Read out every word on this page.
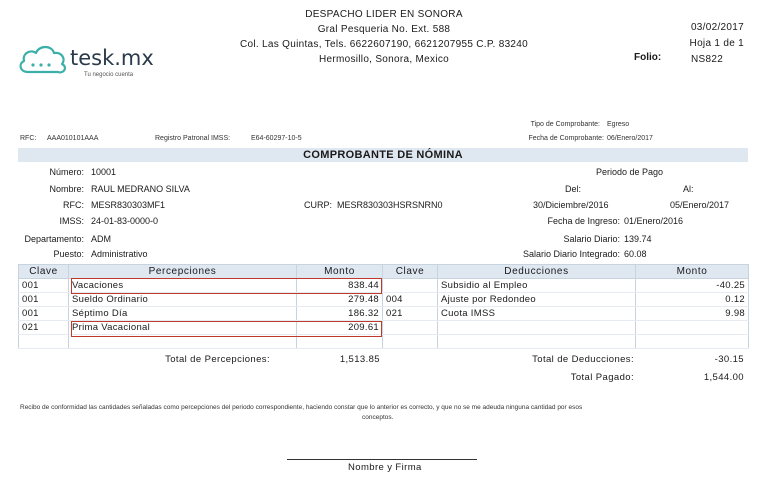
tesk.mx
Tu negocio cuenta
DESPACHO LIDER EN SONORA
Gral Pesqueria No. Ext. 588
Col. Las Quintas, Tels. 6622607190, 6621207955 C.P. 83240
Hermosillo, Sonora, Mexico
03/02/2017
Hoja 1 de 1
Folio:	NS822
Tipo de Comprobante: Egreso
Fecha de Comprobante: 06/Enero/2017
RFC: AAA010101AAA	Registro Patronal IMSS:	E64-60297-10-5
COMPROBANTE DE NÓMINA
Número: 10001
Nombre: RAUL MEDRANO SILVA
RFC: MESR830303MF1
IMSS: 24-01-83-0000-0
Departamento: ADM
Puesto: Administrativo
CURP: MESR830303HSRSNRN0
Periodo de Pago
Del:	Al:
30/Diciembre/2016	05/Enero/2017
Fecha de Ingreso: 01/Enero/2016
Salario Diario: 139.74
Salario Diario Integrado: 60.08
Clave	Percepciones	Monto	Clave	Deducciones	Monto
001	Vacaciones	838.44		Subsidio al Empleo	-40.25
001	Sueldo Ordinario	279.48	004	Ajuste por Redondeo	0.12
001	Séptimo Día	186.32	021	Cuota IMSS	9.98
021	Prima Vacacional	209.61			

Total de Percepciones:	1,513.85	Total de Deducciones:	-30.15
Total Pagado:	1,544.00
Recibo de conformidad las cantidades señaladas como percepciones del periodo correspondiente, haciendo constar que lo anterior es correcto, y que no se me adeuda ninguna cantidad por esos
conceptos.
Nombre y Firma
